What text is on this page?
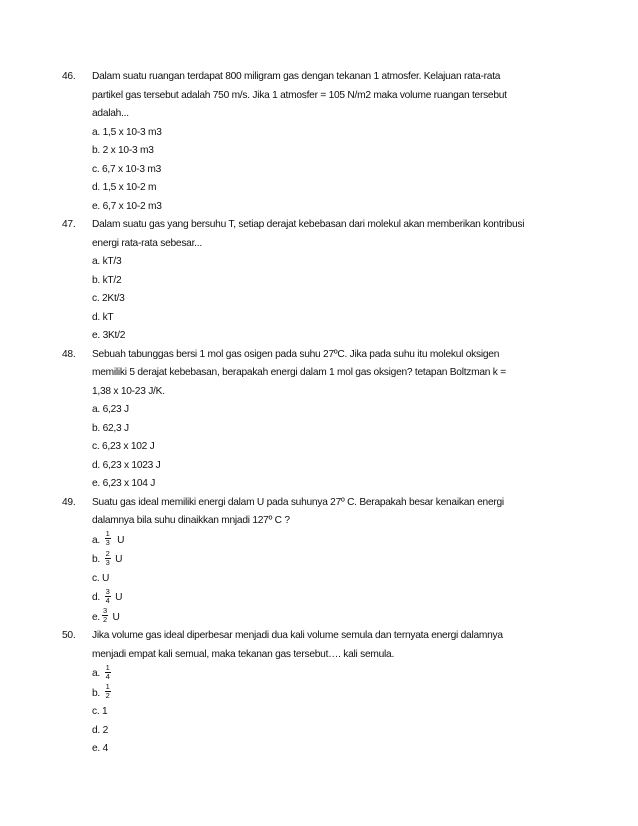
46.	Dalam suatu ruangan terdapat 800 miligram gas dengan tekanan 1 atmosfer. Kelajuan rata-rata
partikel gas tersebut adalah 750 m/s. Jika 1 atmosfer = 105 N/m2 maka volume ruangan tersebut
adalah...
a. 1,5 x 10-3 m3
b. 2 x 10-3 m3
c. 6,7 x 10-3 m3
d. 1,5 x 10-2 m
e. 6,7 x 10-2 m3
47.	Dalam suatu gas yang bersuhu T, setiap derajat kebebasan dari molekul akan memberikan kontribusi
energi rata-rata sebesar...
a. kT/3
b. kT/2
c. 2Kt/3
d. kT
e. 3Kt/2
48.	Sebuah tabunggas bersi 1 mol gas osigen pada suhu 27ºC. Jika pada suhu itu molekul oksigen
memiliki 5 derajat kebebasan, berapakah energi dalam 1 mol gas oksigen? tetapan Boltzman k =
1,38 x 10-23 J/K.
a. 6,23 J
b. 62,3 J
c. 6,23 x 102 J
d. 6,23 x 1023 J
e. 6,23 x 104 J
49.	Suatu gas ideal memiliki energi dalam U pada suhunya 27º C. Berapakah besar kenaikan energi
dalamnya bila suhu dinaikkan mnjadi 127º C ?
a. $\frac{1}{3}$ U
b. $\frac{2}{3}$ U
c. U
d. $\frac{3}{4}$ U
e. $\frac{3}{2}$ U
50.	Jika volume gas ideal diperbesar menjadi dua kali volume semula dan ternyata energi dalamnya
menjadi empat kali semual, maka tekanan gas tersebut…. kali semula.
a. $\frac{1}{4}$
b. $\frac{1}{2}$
c. 1
d. 2
e. 4
